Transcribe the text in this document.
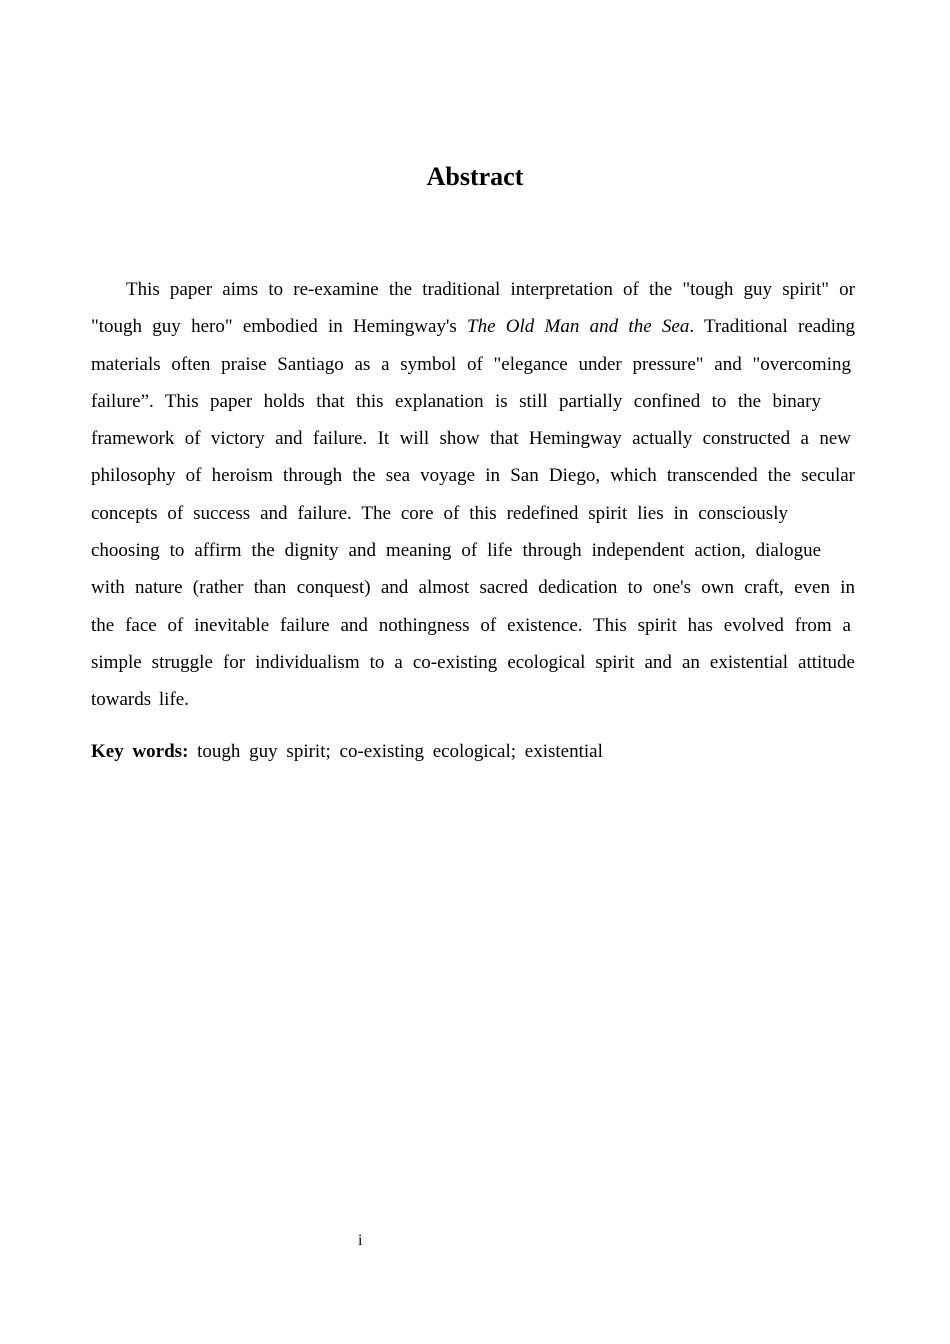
Abstract
This paper aims to re-examine the traditional interpretation of the "tough guy spirit" or
"tough guy hero" embodied in Hemingway's The Old Man and the Sea. Traditional reading
materials often praise Santiago as a symbol of "elegance under pressure" and "overcoming
failure”. This paper holds that this explanation is still partially confined to the binary
framework of victory and failure. It will show that Hemingway actually constructed a new
philosophy of heroism through the sea voyage in San Diego, which transcended the secular
concepts of success and failure. The core of this redefined spirit lies in consciously
choosing to affirm the dignity and meaning of life through independent action, dialogue
with nature (rather than conquest) and almost sacred dedication to one's own craft, even in
the face of inevitable failure and nothingness of existence. This spirit has evolved from a
simple struggle for individualism to a co-existing ecological spirit and an existential attitude
towards life.
Key words: tough guy spirit; co-existing ecological; existential
i
